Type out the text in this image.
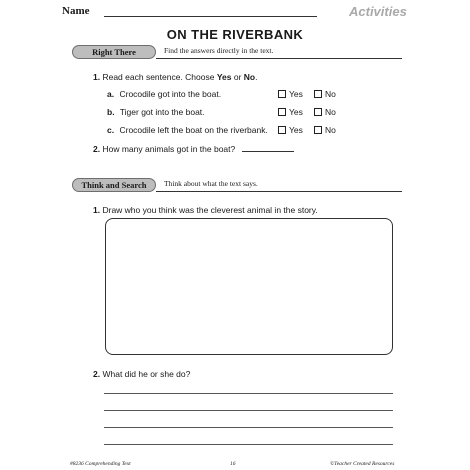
Name	Activities
ON THE RIVERBANK
Right There	Find the answers directly in the text.
1. Read each sentence. Choose Yes or No.
a. Crocodile got into the boat.	Yes	No
b. Tiger got into the boat.	Yes	No
c. Crocodile left the boat on the riverbank.	Yes	No
2. How many animals got in the boat?
Think and Search	Think about what the text says.
1. Draw who you think was the cleverest animal in the story.
2. What did he or she do?
#8236 Comprehending Text	16	©Teacher Created Resources
